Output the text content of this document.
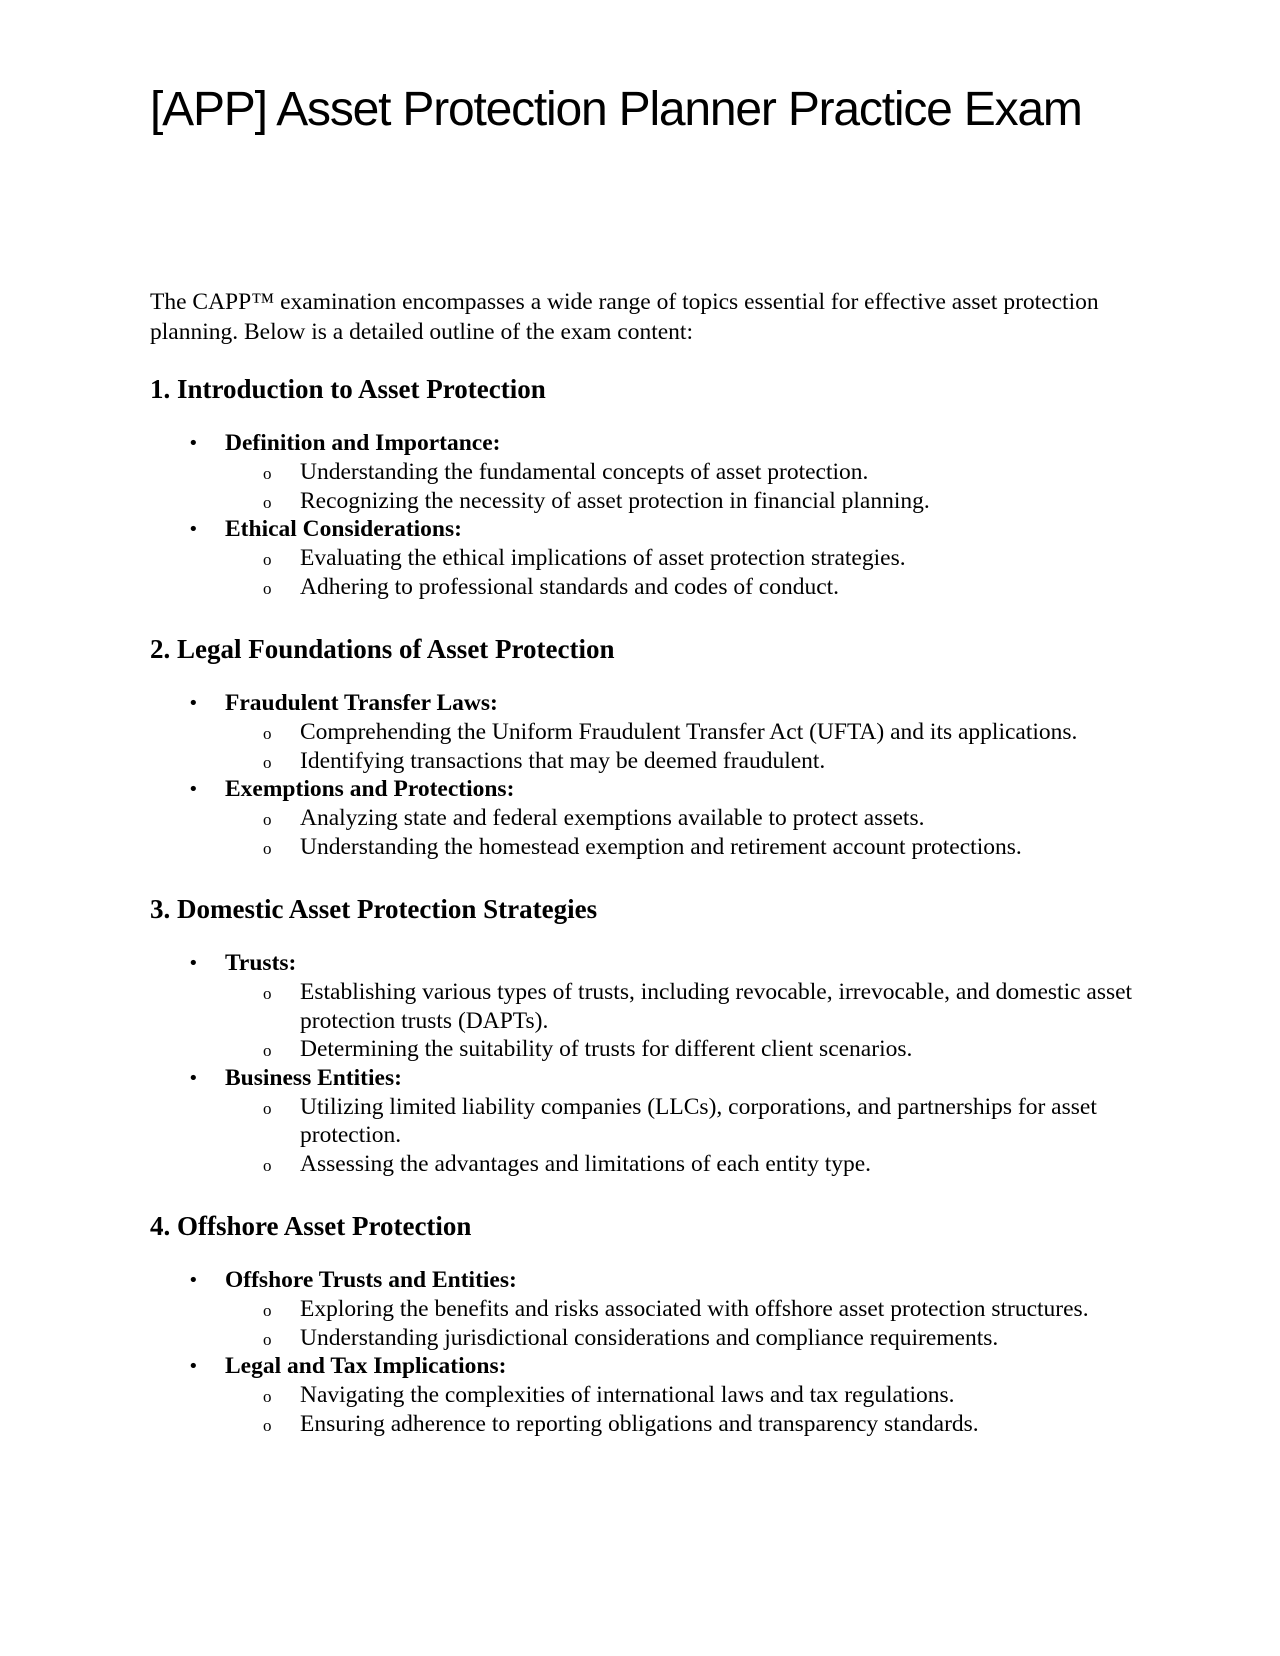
[APP] Asset Protection Planner Practice Exam

The CAPP™ examination encompasses a wide range of topics essential for effective asset protection planning. Below is a detailed outline of the exam content:

1. Introduction to Asset Protection
• Definition and Importance:
o Understanding the fundamental concepts of asset protection.
o Recognizing the necessity of asset protection in financial planning.
• Ethical Considerations:
o Evaluating the ethical implications of asset protection strategies.
o Adhering to professional standards and codes of conduct.
2. Legal Foundations of Asset Protection
• Fraudulent Transfer Laws:
o Comprehending the Uniform Fraudulent Transfer Act (UFTA) and its applications.
o Identifying transactions that may be deemed fraudulent.
• Exemptions and Protections:
o Analyzing state and federal exemptions available to protect assets.
o Understanding the homestead exemption and retirement account protections.
3. Domestic Asset Protection Strategies
• Trusts:
o Establishing various types of trusts, including revocable, irrevocable, and domestic asset protection trusts (DAPTs).
o Determining the suitability of trusts for different client scenarios.
• Business Entities:
o Utilizing limited liability companies (LLCs), corporations, and partnerships for asset protection.
o Assessing the advantages and limitations of each entity type.
4. Offshore Asset Protection
• Offshore Trusts and Entities:
o Exploring the benefits and risks associated with offshore asset protection structures.
o Understanding jurisdictional considerations and compliance requirements.
• Legal and Tax Implications:
o Navigating the complexities of international laws and tax regulations.
o Ensuring adherence to reporting obligations and transparency standards.
